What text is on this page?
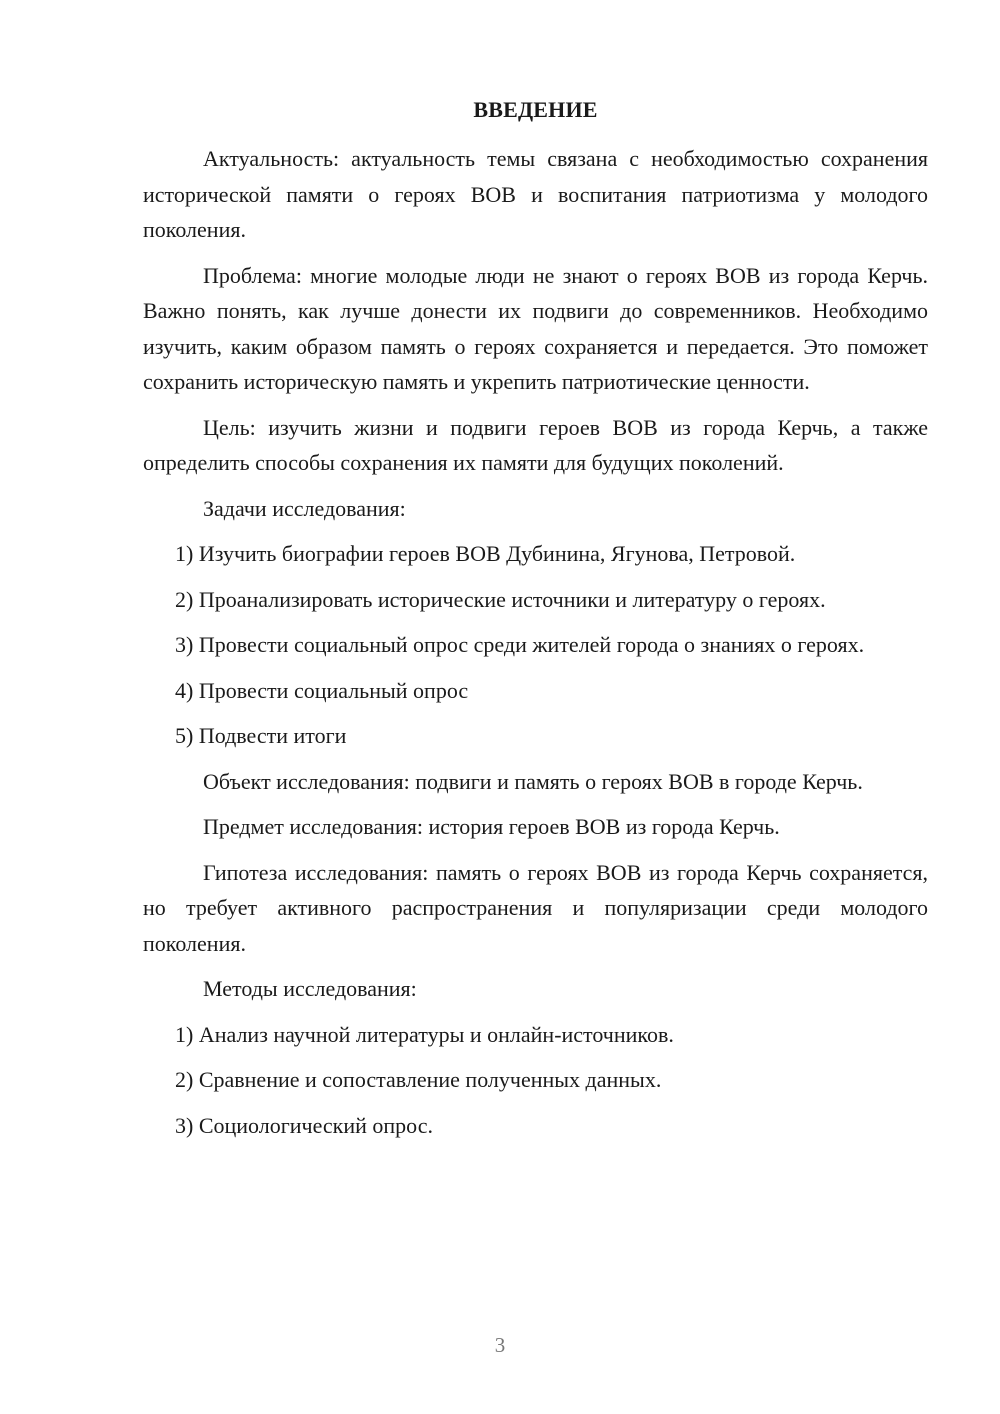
ВВЕДЕНИЕ

Актуальность: актуальность темы связана с необходимостью сохранения исторической памяти о героях ВОВ и воспитания патриотизма у молодого поколения.

Проблема: многие молодые люди не знают о героях ВОВ из города Керчь. Важно понять, как лучше донести их подвиги до современников. Необходимо изучить, каким образом память о героях сохраняется и передается. Это поможет сохранить историческую память и укрепить патриотические ценности.

Цель: изучить жизни и подвиги героев ВОВ из города Керчь, а также определить способы сохранения их памяти для будущих поколений.

Задачи исследования:

1) Изучить биографии героев ВОВ Дубинина, Ягунова, Петровой.

2) Проанализировать исторические источники и литературу о героях.

3) Провести социальный опрос среди жителей города о знаниях о героях.

4) Провести социальный опрос

5) Подвести итоги

Объект исследования: подвиги и память о героях ВОВ в городе Керчь.

Предмет исследования: история героев ВОВ из города Керчь.

Гипотеза исследования: память о героях ВОВ из города Керчь сохраняется, но требует активного распространения и популяризации среди молодого поколения.

Методы исследования:

1) Анализ научной литературы и онлайн-источников.

2) Сравнение и сопоставление полученных данных.

3) Социологический опрос.

3
